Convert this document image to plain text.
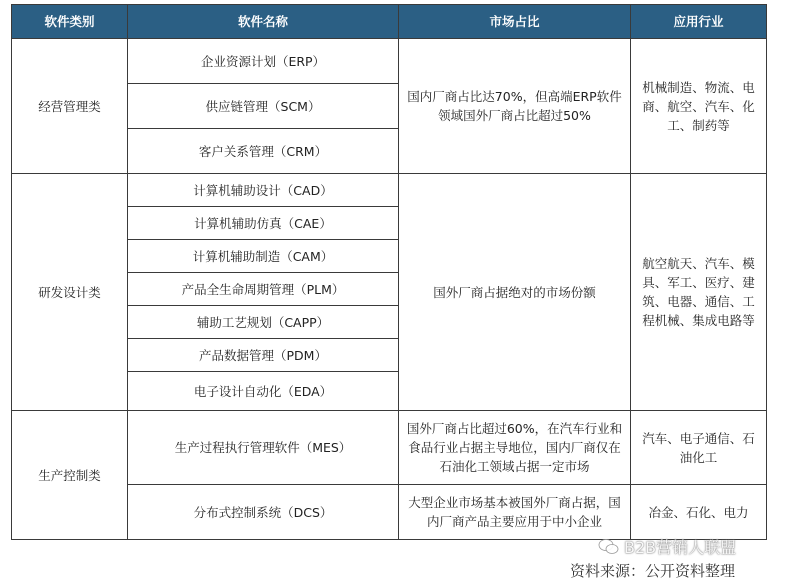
软件类别	软件名称	市场占比	应用行业
经营管理类	企业资源计划（ERP）	国内厂商占比达70%，但高端ERP软件领域国外厂商占比超过50%	机械制造、物流、电商、航空、汽车、化工、制药等
	供应链管理（SCM）		
	客户关系管理（CRM）		
研发设计类	计算机辅助设计（CAD）	国外厂商占据绝对的市场份额	航空航天、汽车、模具、军工、医疗、建筑、电器、通信、工程机械、集成电路等
	计算机辅助仿真（CAE）		
	计算机辅助制造（CAM）		
	产品全生命周期管理（PLM）		
	辅助工艺规划（CAPP）		
	产品数据管理（PDM）		
	电子设计自动化（EDA）		
生产控制类	生产过程执行管理软件（MES）	国外厂商占比超过60%，在汽车行业和食品行业占据主导地位，国内厂商仅在石油化工领域占据一定市场	汽车、电子通信、石油化工
	分布式控制系统（DCS）	大型企业市场基本被国外厂商占据，国内厂商产品主要应用于中小企业	冶金、石化、电力
B2B营销人联盟
资料来源：公开资料整理
